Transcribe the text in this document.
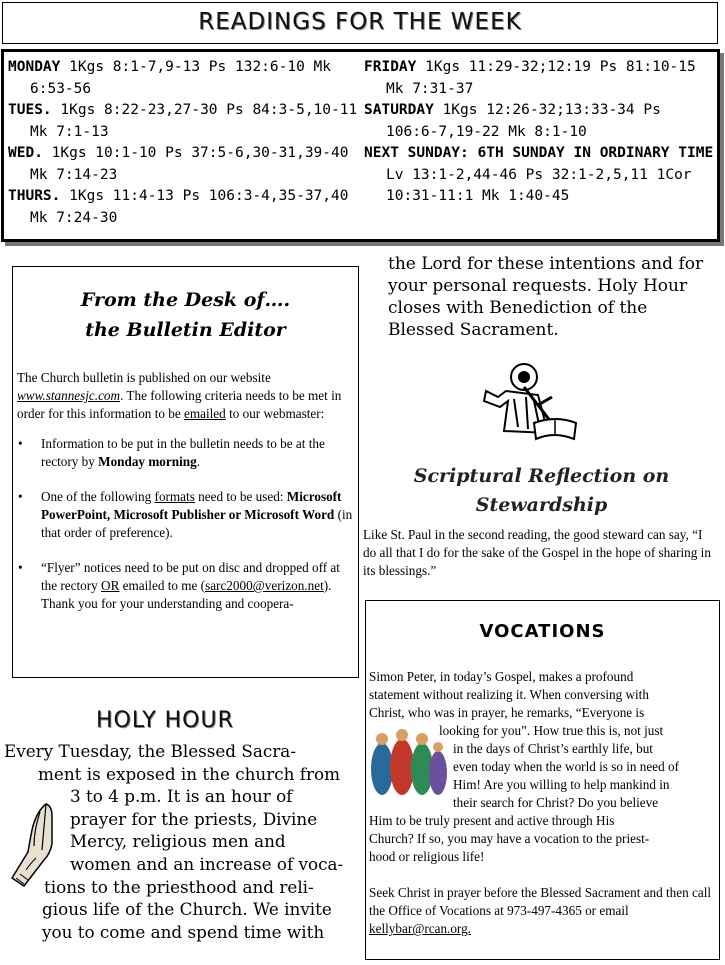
READINGS FOR THE WEEK

MONDAY 1Kgs 8:1-7,9-13 Ps 132:6-10 Mk 6:53-56

TUES. 1Kgs 8:22-23,27-30 Ps 84:3-5,10-11 Mk 7:1-13

WED. 1Kgs 10:1-10 Ps 37:5-6,30-31,39-40 Mk 7:14-23

THURS. 1Kgs 11:4-13 Ps 106:3-4,35-37,40 Mk 7:24-30

FRIDAY 1Kgs 11:29-32;12:19 Ps 81:10-15 Mk 7:31-37

SATURDAY 1Kgs 12:26-32;13:33-34 Ps 106:6-7,19-22 Mk 8:1-10

NEXT SUNDAY: 6TH SUNDAY IN ORDINARY TIME Lv 13:1-2,44-46 Ps 32:1-2,5,11 1Cor 10:31-11:1 Mk 1:40-45

From the Desk of….
the Bulletin Editor
The Church bulletin is published on our website www.stannesjc.com. The following criteria needs to be met in order for this information to be emailed to our webmaster:
• Information to be put in the bulletin needs to be at the rectory by Monday morning.
• One of the following formats need to be used: Microsoft PowerPoint, Microsoft Publisher or Microsoft Word (in that order of preference).
• “Flyer” notices need to be put on disc and dropped off at the rectory OR emailed to me (sarc2000@verizon.net).
Thank you for your understanding and coopera-
the Lord for these intentions and for your personal requests. Holy Hour closes with Benediction of the Blessed Sacrament.
Scriptural Reflection on Stewardship
Like St. Paul in the second reading, the good steward can say, “I do all that I do for the sake of the Gospel in the hope of sharing in its blessings.”
HOLY HOUR
Every Tuesday, the Blessed Sacra-
ment is exposed in the church from
3 to 4 p.m. It is an hour of
prayer for the priests, Divine
Mercy, religious men and
women and an increase of voca-
tions to the priesthood and reli-
gious life of the Church. We invite
you to come and spend time with
VOCATIONS
Simon Peter, in today’s Gospel, makes a profound
statement without realizing it. When conversing with
Christ, who was in prayer, he remarks, “Everyone is
looking for you”. How true this is, not just
in the days of Christ’s earthly life, but
even today when the world is so in need of
Him! Are you willing to help mankind in
their search for Christ? Do you believe
Him to be truly present and active through His
Church? If so, you may have a vocation to the priest-
hood or religious life!
Seek Christ in prayer before the Blessed Sacrament and then call the Office of Vocations at 973-497-4365 or email kellybar@rcan.org.
